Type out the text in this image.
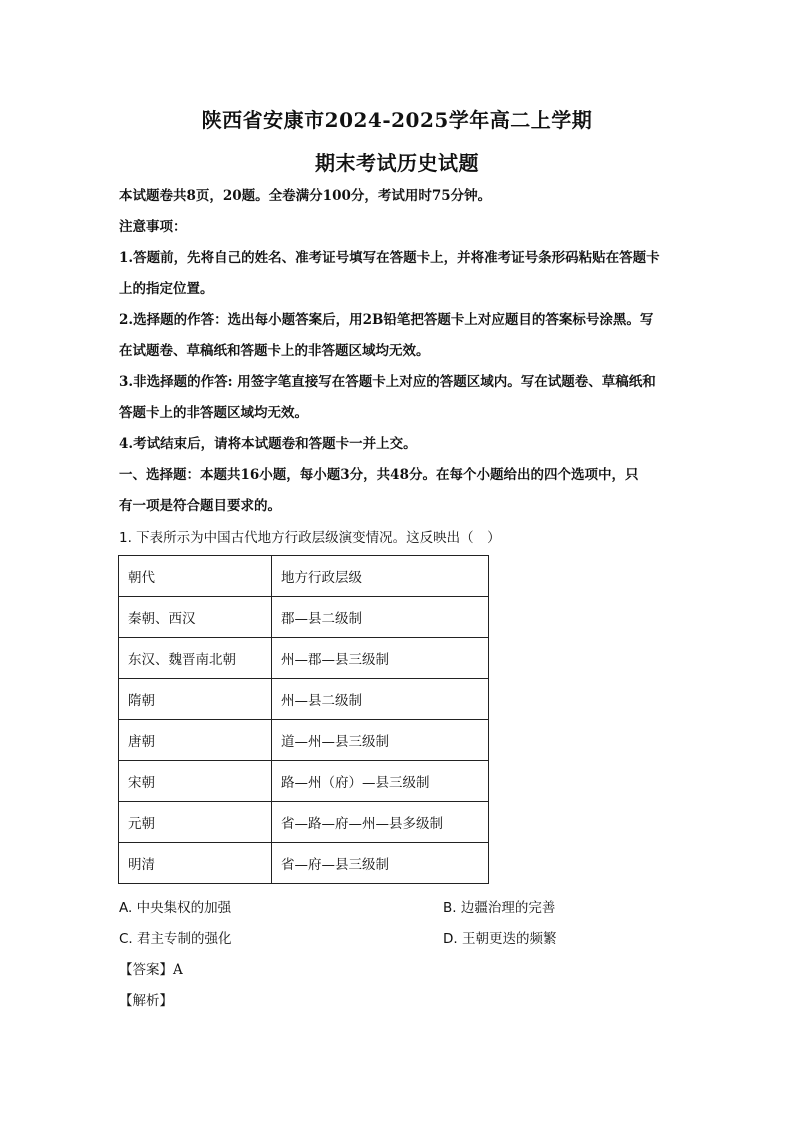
陕西省安康市2024-2025学年高二上学期
期末考试历史试题
本试题卷共8页，20题。全卷满分100分，考试用时75分钟。
注意事项：
1.答题前，先将自己的姓名、准考证号填写在答题卡上，并将准考证号条形码粘贴在答题卡
上的指定位置。
2.选择题的作答：选出每小题答案后，用2B铅笔把答题卡上对应题目的答案标号涂黑。写
在试题卷、草稿纸和答题卡上的非答题区域均无效。
3.非选择题的作答: 用签字笔直接写在答题卡上对应的答题区域内。写在试题卷、草稿纸和
答题卡上的非答题区域均无效。
4.考试结束后，请将本试题卷和答题卡一并上交。
一、选择题：本题共16小题，每小题3分，共48分。在每个小题给出的四个选项中，只
有一项是符合题目要求的。
1. 下表所示为中国古代地方行政层级演变情况。这反映出（　）
朝代	地方行政层级
秦朝、西汉	郡—县二级制
东汉、魏晋南北朝	州—郡—县三级制
隋朝	州—县二级制
唐朝	道—州—县三级制
宋朝	路—州（府）—县三级制
元朝	省—路—府—州—县多级制
明清	省—府—县三级制
A. 中央集权的加强	B. 边疆治理的完善
C. 君主专制的强化	D. 王朝更迭的频繁
【答案】A
【解析】
